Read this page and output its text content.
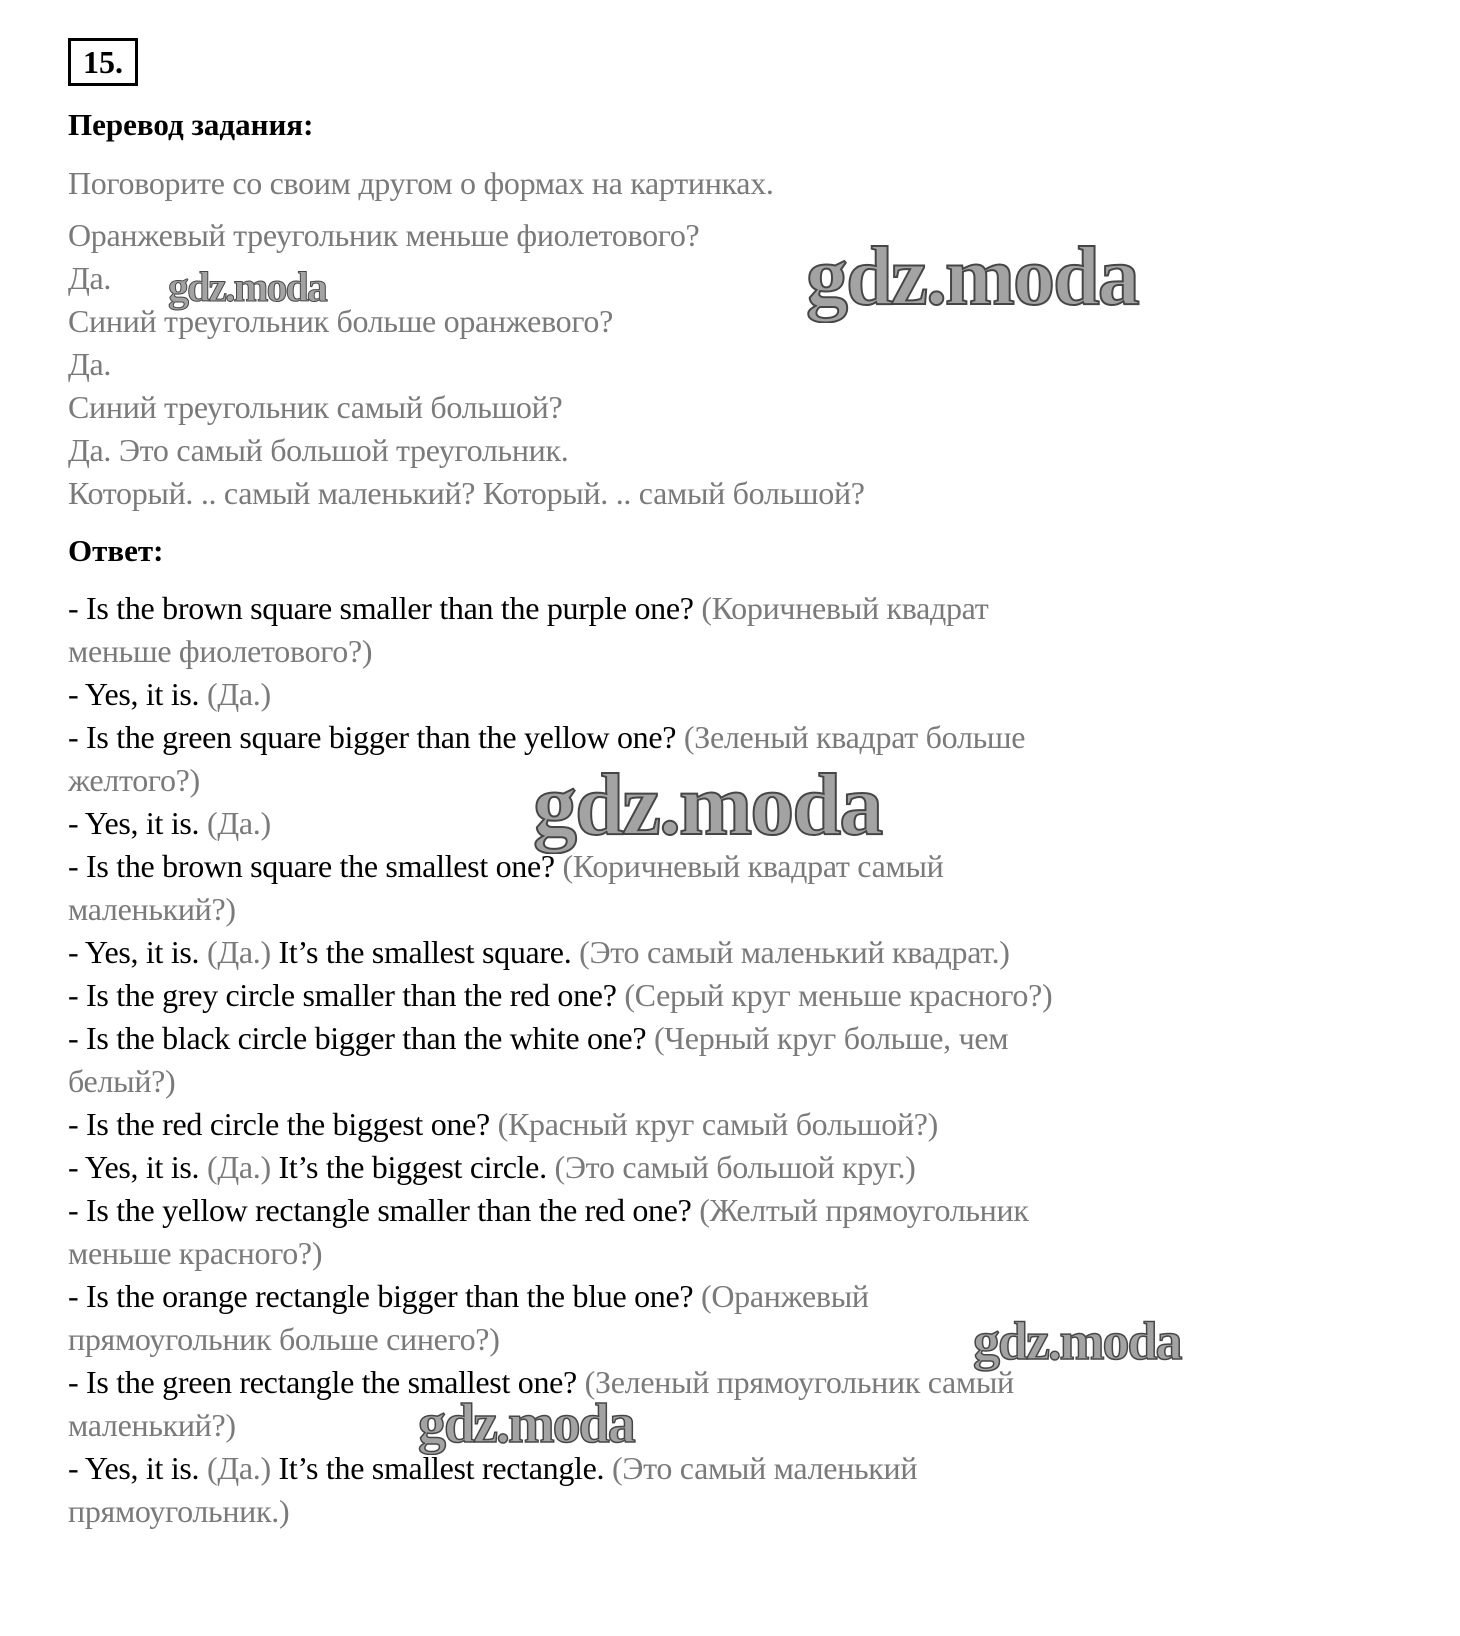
15.
Перевод задания:
Поговорите со своим другом о формах на картинках.
Оранжевый треугольник меньше фиолетового?
Да.
Синий треугольник больше оранжевого?
Да.
Синий треугольник самый большой?
Да. Это самый большой треугольник.
Который. .. самый маленький? Который. .. самый большой?
Ответ:
- Is the brown square smaller than the purple one? (Коричневый квадрат
меньше фиолетового?)
- Yes, it is. (Да.)
- Is the green square bigger than the yellow one? (Зеленый квадрат больше
желтого?)
- Yes, it is. (Да.)
- Is the brown square the smallest one? (Коричневый квадрат самый
маленький?)
- Yes, it is. (Да.) It’s the smallest square. (Это самый маленький квадрат.)
- Is the grey circle smaller than the red one? (Серый круг меньше красного?)
- Is the black circle bigger than the white one? (Черный круг больше, чем
белый?)
- Is the red circle the biggest one? (Красный круг самый большой?)
- Yes, it is. (Да.) It’s the biggest circle. (Это самый большой круг.)
- Is the yellow rectangle smaller than the red one? (Желтый прямоугольник
меньше красного?)
- Is the orange rectangle bigger than the blue one? (Оранжевый
прямоугольник больше синего?)
- Is the green rectangle the smallest one? (Зеленый прямоугольник самый
маленький?)
- Yes, it is. (Да.) It’s the smallest rectangle. (Это самый маленький
прямоугольник.)
gdz.moda
gdz.moda
gdz.moda
gdz.moda
gdz.moda
